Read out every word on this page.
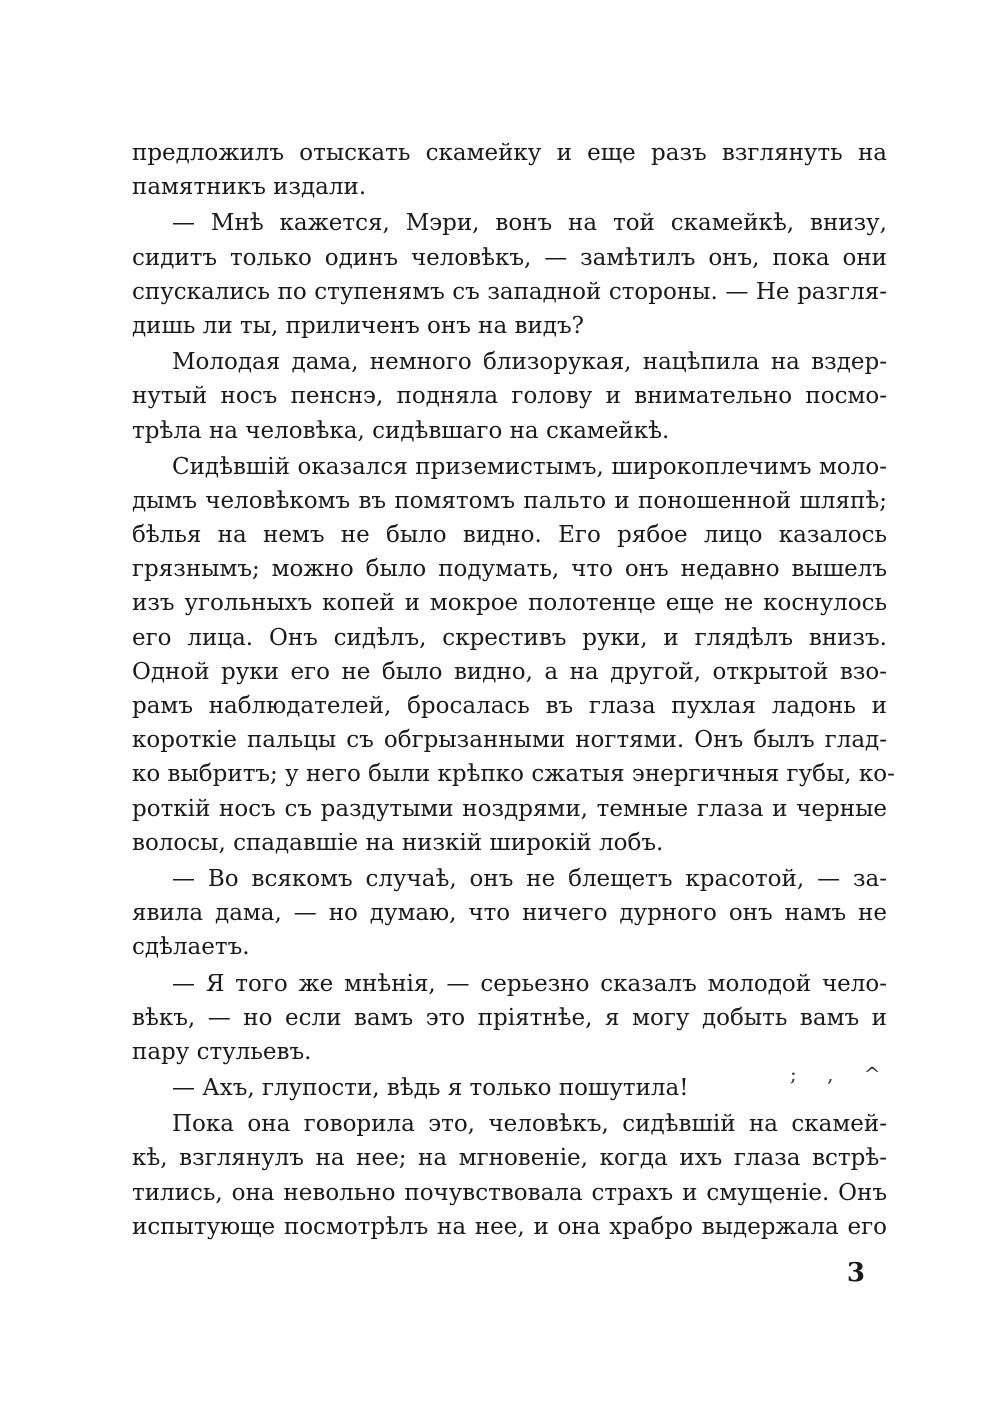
предложилъ отыскать скамейку и еще разъ взглянуть на
памятникъ издали.
— Мнѣ кажется, Мэри, вонъ на той скамейкѣ, внизу,
сидитъ только одинъ человѣкъ, — замѣтилъ онъ, пока они
спускались по ступенямъ съ западной стороны. — Не разгля-
дишь ли ты, приличенъ онъ на видъ?
Молодая дама, немного близорукая, нацѣпила на вздер-
нутый носъ пенснэ, подняла голову и внимательно посмо-
трѣла на человѣка, сидѣвшаго на скамейкѣ.
Сидѣвшій оказался приземистымъ, широкоплечимъ моло-
дымъ человѣкомъ въ помятомъ пальто и поношенной шляпѣ;
бѣлья на немъ не было видно. Его рябое лицо казалось
грязнымъ; можно было подумать, что онъ недавно вышелъ
изъ угольныхъ копей и мокрое полотенце еще не коснулось
его лица. Онъ сидѣлъ, скрестивъ руки, и глядѣлъ внизъ.
Одной руки его не было видно, а на другой, открытой взо-
рамъ наблюдателей, бросалась въ глаза пухлая ладонь и
короткіе пальцы съ обгрызанными ногтями. Онъ былъ глад-
ко выбритъ; у него были крѣпко сжатыя энергичныя губы, ко-
роткій носъ съ раздутыми ноздрями, темные глаза и черные
волосы, спадавшіе на низкій широкій лобъ.
— Во всякомъ случаѣ, онъ не блещетъ красотой, — за-
явила дама, — но думаю, что ничего дурного онъ намъ не
сдѣлаетъ.
— Я того же мнѣнія, — серьезно сказалъ молодой чело-
вѣкъ, — но если вамъ это пріятнѣе, я могу добыть вамъ и
пару стульевъ.
— Ахъ, глупости, вѣдь я только пошутила!
Пока она говорила это, человѣкъ, сидѣвшій на скамей-
кѣ, взглянулъ на нее; на мгновеніе, когда ихъ глаза встрѣ-
тились, она невольно почувствовала страхъ и смущеніе. Онъ
испытующе посмотрѣлъ на нее, и она храбро выдержала его
; , ^
3
